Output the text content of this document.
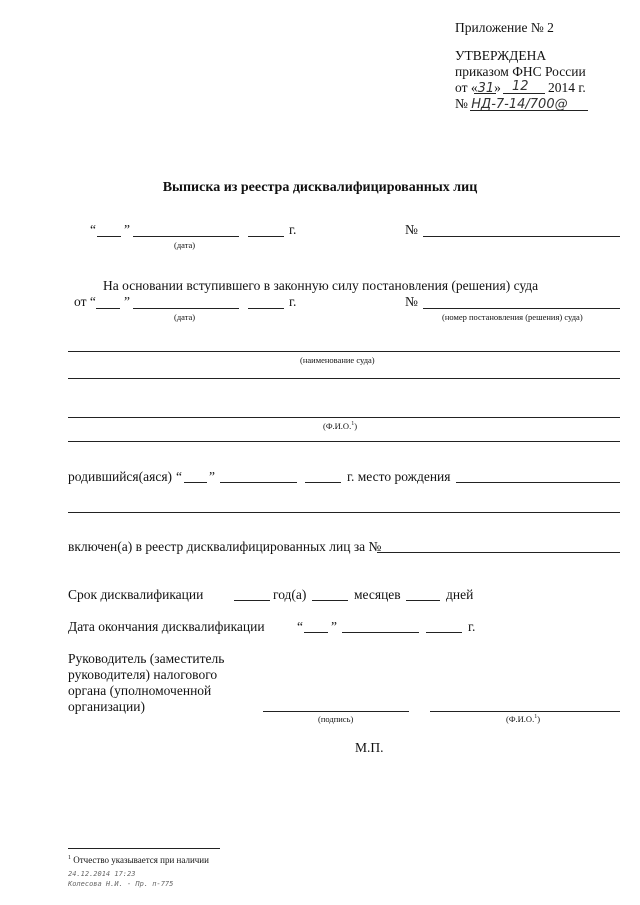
Приложение № 2
УТВЕРЖДЕНА
приказом ФНС России
от «31» 12 2014 г.
№ НД-7-14/700@
Выписка из реестра дисквалифицированных лиц
“ ”	г.
(дата)
№
На основании вступившего в законную силу постановления (решения) суда
от “ ”	г.	№
(дата)	(номер постановления (решения) суда)
(наименование суда)
(Ф.И.О.$^1$)
родившийся(аяся) “ ”	г. место рождения
включен(а) в реестр дисквалифицированных лиц за №
Срок дисквалификации	год(а)	месяцев	дней
Дата окончания дисквалификации “ ”	г.
Руководитель (заместитель
руководителя) налогового
органа (уполномоченной
организации)
(подпись)	(Ф.И.О.$^1$)
М.П.
$^1$ Отчество указывается при наличии
24.12.2014 17:23
Колесова Н.И. - Пр. п-775
